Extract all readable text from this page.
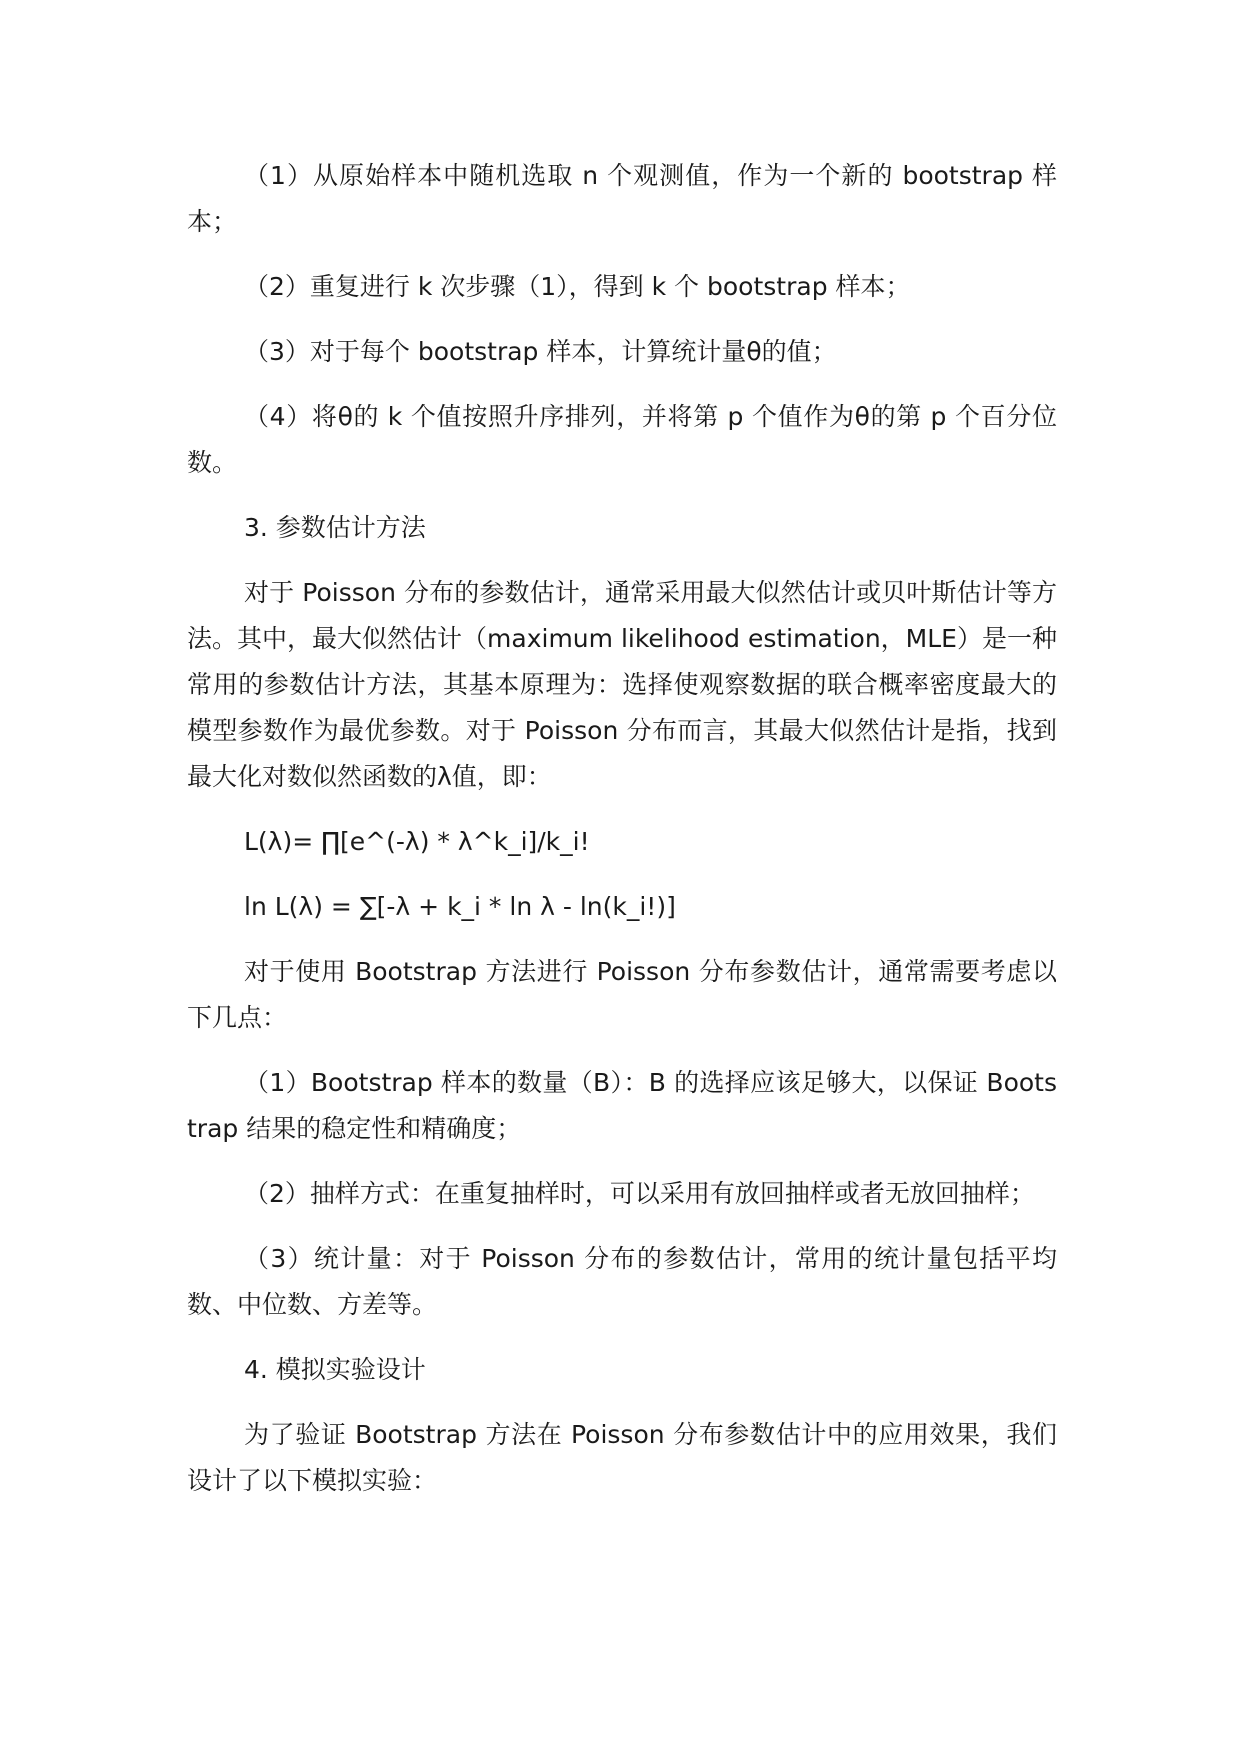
（1）从原始样本中随机选取 n 个观测值，作为一个新的 bootstrap 样本；

（2）重复进行 k 次步骤（1），得到 k 个 bootstrap 样本；

（3）对于每个 bootstrap 样本，计算统计量θ的值；

（4）将θ的 k 个值按照升序排列，并将第 p 个值作为θ的第 p 个百分位数。

3. 参数估计方法

对于 Poisson 分布的参数估计，通常采用最大似然估计或贝叶斯估计等方法。其中，最大似然估计（maximum likelihood estimation，MLE）是一种常用的参数估计方法，其基本原理为：选择使观察数据的联合概率密度最大的模型参数作为最优参数。对于 Poisson 分布而言，其最大似然估计是指，找到最大化对数似然函数的λ值，即：

L(λ)= ∏[e^(-λ) * λ^k_i]/k_i!

ln L(λ) = ∑[-λ + k_i * ln λ - ln(k_i!)]

对于使用 Bootstrap 方法进行 Poisson 分布参数估计，通常需要考虑以下几点：

（1）Bootstrap 样本的数量（B）：B 的选择应该足够大，以保证 Bootstrap 结果的稳定性和精确度；

（2）抽样方式：在重复抽样时，可以采用有放回抽样或者无放回抽样；

（3）统计量：对于 Poisson 分布的参数估计，常用的统计量包括平均数、中位数、方差等。

4. 模拟实验设计

为了验证 Bootstrap 方法在 Poisson 分布参数估计中的应用效果，我们设计了以下模拟实验：
